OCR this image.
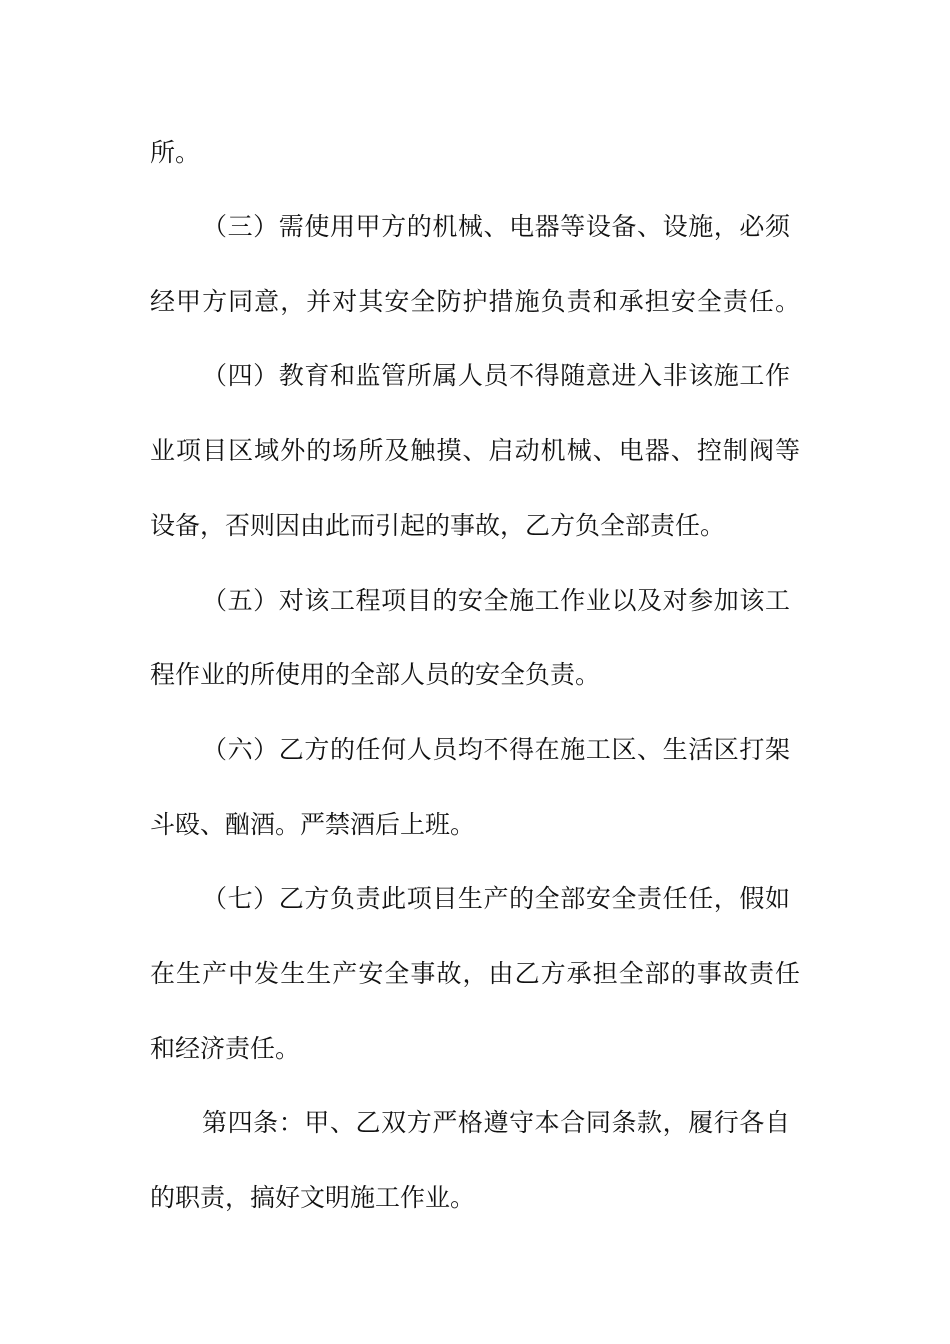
所。
（三）需使用甲方的机械、电器等设备、设施，必须
经甲方同意，并对其安全防护措施负责和承担安全责任。
（四）教育和监管所属人员不得随意进入非该施工作
业项目区域外的场所及触摸、启动机械、电器、控制阀等
设备，否则因由此而引起的事故，乙方负全部责任。
（五）对该工程项目的安全施工作业以及对参加该工
程作业的所使用的全部人员的安全负责。
（六）乙方的任何人员均不得在施工区、生活区打架
斗殴、酗酒。严禁酒后上班。
（七）乙方负责此项目生产的全部安全责任任，假如
在生产中发生生产安全事故，由乙方承担全部的事故责任
和经济责任。
第四条：甲、乙双方严格遵守本合同条款，履行各自
的职责，搞好文明施工作业。
